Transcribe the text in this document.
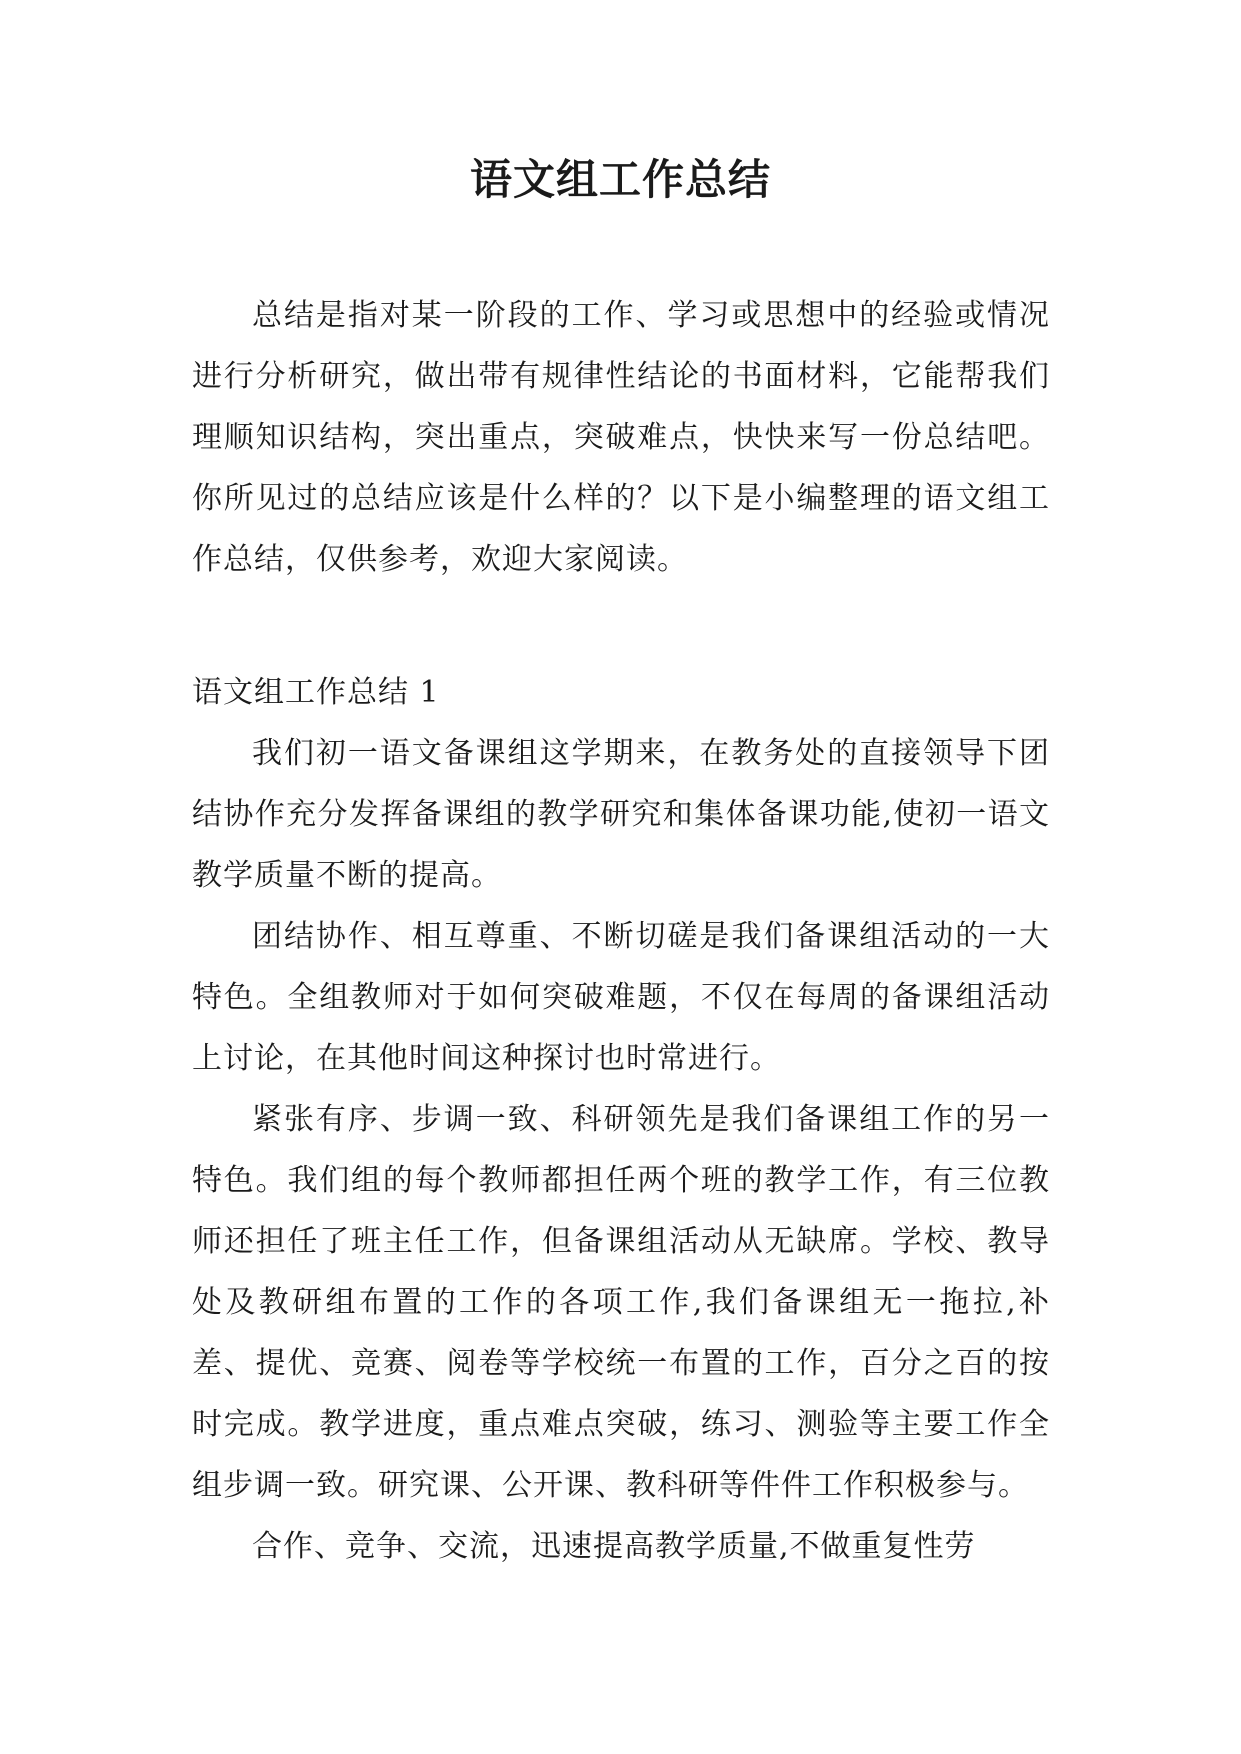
语文组工作总结

总结是指对某一阶段的工作、学习或思想中的经验或情况进行分析研究，做出带有规律性结论的书面材料，它能帮我们理顺知识结构，突出重点，突破难点，快快来写一份总结吧。你所见过的总结应该是什么样的？以下是小编整理的语文组工作总结，仅供参考，欢迎大家阅读。

语文组工作总结 1

我们初一语文备课组这学期来，在教务处的直接领导下团结协作充分发挥备课组的教学研究和集体备课功能,使初一语文教学质量不断的提高。

团结协作、相互尊重、不断切磋是我们备课组活动的一大特色。全组教师对于如何突破难题，不仅在每周的备课组活动上讨论，在其他时间这种探讨也时常进行。

紧张有序、步调一致、科研领先是我们备课组工作的另一特色。我们组的每个教师都担任两个班的教学工作，有三位教师还担任了班主任工作，但备课组活动从无缺席。学校、教导处及教研组布置的工作的各项工作,我们备课组无一拖拉,补差、提优、竞赛、阅卷等学校统一布置的工作，百分之百的按时完成。教学进度，重点难点突破，练习、测验等主要工作全组步调一致。研究课、公开课、教科研等件件工作积极参与。

合作、竞争、交流，迅速提高教学质量,不做重复性劳
